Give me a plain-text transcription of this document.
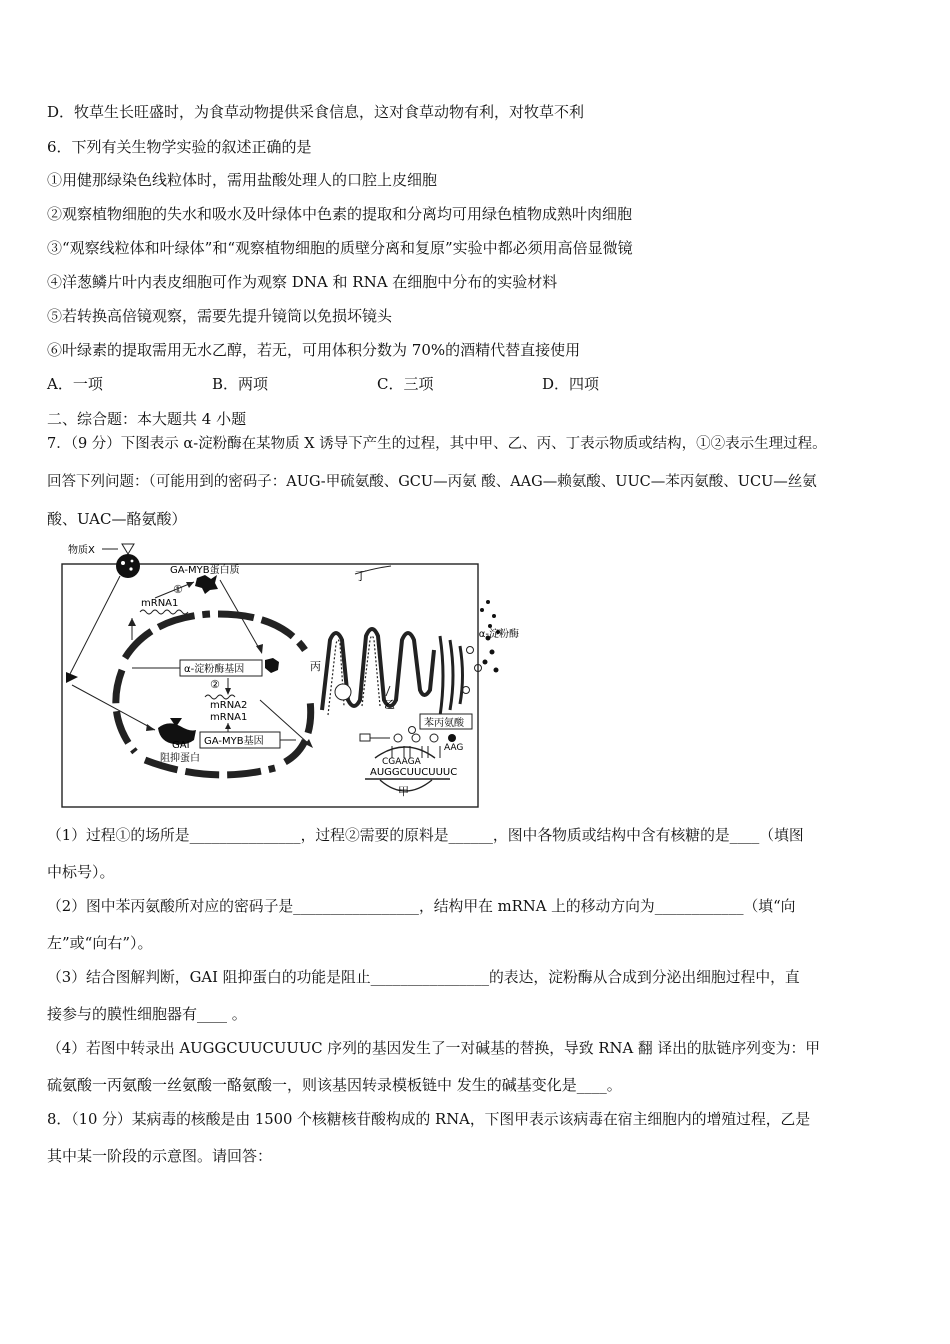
D．牧草生长旺盛时，为食草动物提供采食信息，这对食草动物有利，对牧草不利
6．下列有关生物学实验的叙述正确的是
①用健那绿染色线粒体时，需用盐酸处理人的口腔上皮细胞
②观察植物细胞的失水和吸水及叶绿体中色素的提取和分离均可用绿色植物成熟叶肉细胞
③“观察线粒体和叶绿体”和“观察植物细胞的质壁分离和复原”实验中都必须用高倍显微镜
④洋葱鳞片叶内表皮细胞可作为观察 DNA 和 RNA 在细胞中分布的实验材料
⑤若转换高倍镜观察，需要先提升镜筒以免损坏镜头
⑥叶绿素的提取需用无水乙醇，若无，可用体积分数为 70%的酒精代替直接使用
A．一项	B．两项	C．三项	D．四项
二、综合题：本大题共 4 小题
7．（9 分）下图表示 α-淀粉酶在某物质 X 诱导下产生的过程，其中甲、乙、丙、丁表示物质或结构，①②表示生理过程。
回答下列问题：（可能用到的密码子：AUG-甲硫氨酸、GCU—丙氨 酸、AAG—赖氨酸、UUC—苯丙氨酸、UCU—丝氨
酸、UAC—酪氨酸）
物质X
GA-MYB蛋白质
①
mRNA1
α-淀粉酶基因
②
mRNA2
mRNA1
GAI
阻抑蛋白
GA-MYB基因
丁
丙
α-淀粉酶
乙
苯丙氨酸
AAG
CGAAGA
AUGGCUUCUUUC
甲
（1）过程①的场所是_______________，过程②需要的原料是______，图中各物质或结构中含有核糖的是____（填图
中标号）。
（2）图中苯丙氨酸所对应的密码子是_________________，结构甲在 mRNA 上的移动方向为____________（填“向
左”或“向右”）。
（3）结合图解判断，GAI 阻抑蛋白的功能是阻止________________的表达，淀粉酶从合成到分泌出细胞过程中，直
接参与的膜性细胞器有____ 。
（4）若图中转录出 AUGGCUUCUUUC 序列的基因发生了一对碱基的替换，导致 RNA 翻 译出的肽链序列变为：甲
硫氨酸一丙氨酸一丝氨酸一酪氨酸一，则该基因转录模板链中 发生的碱基变化是____。
8．（10 分）某病毒的核酸是由 1500 个核糖核苷酸构成的 RNA，下图甲表示该病毒在宿主细胞内的增殖过程，乙是
其中某一阶段的示意图。请回答：
